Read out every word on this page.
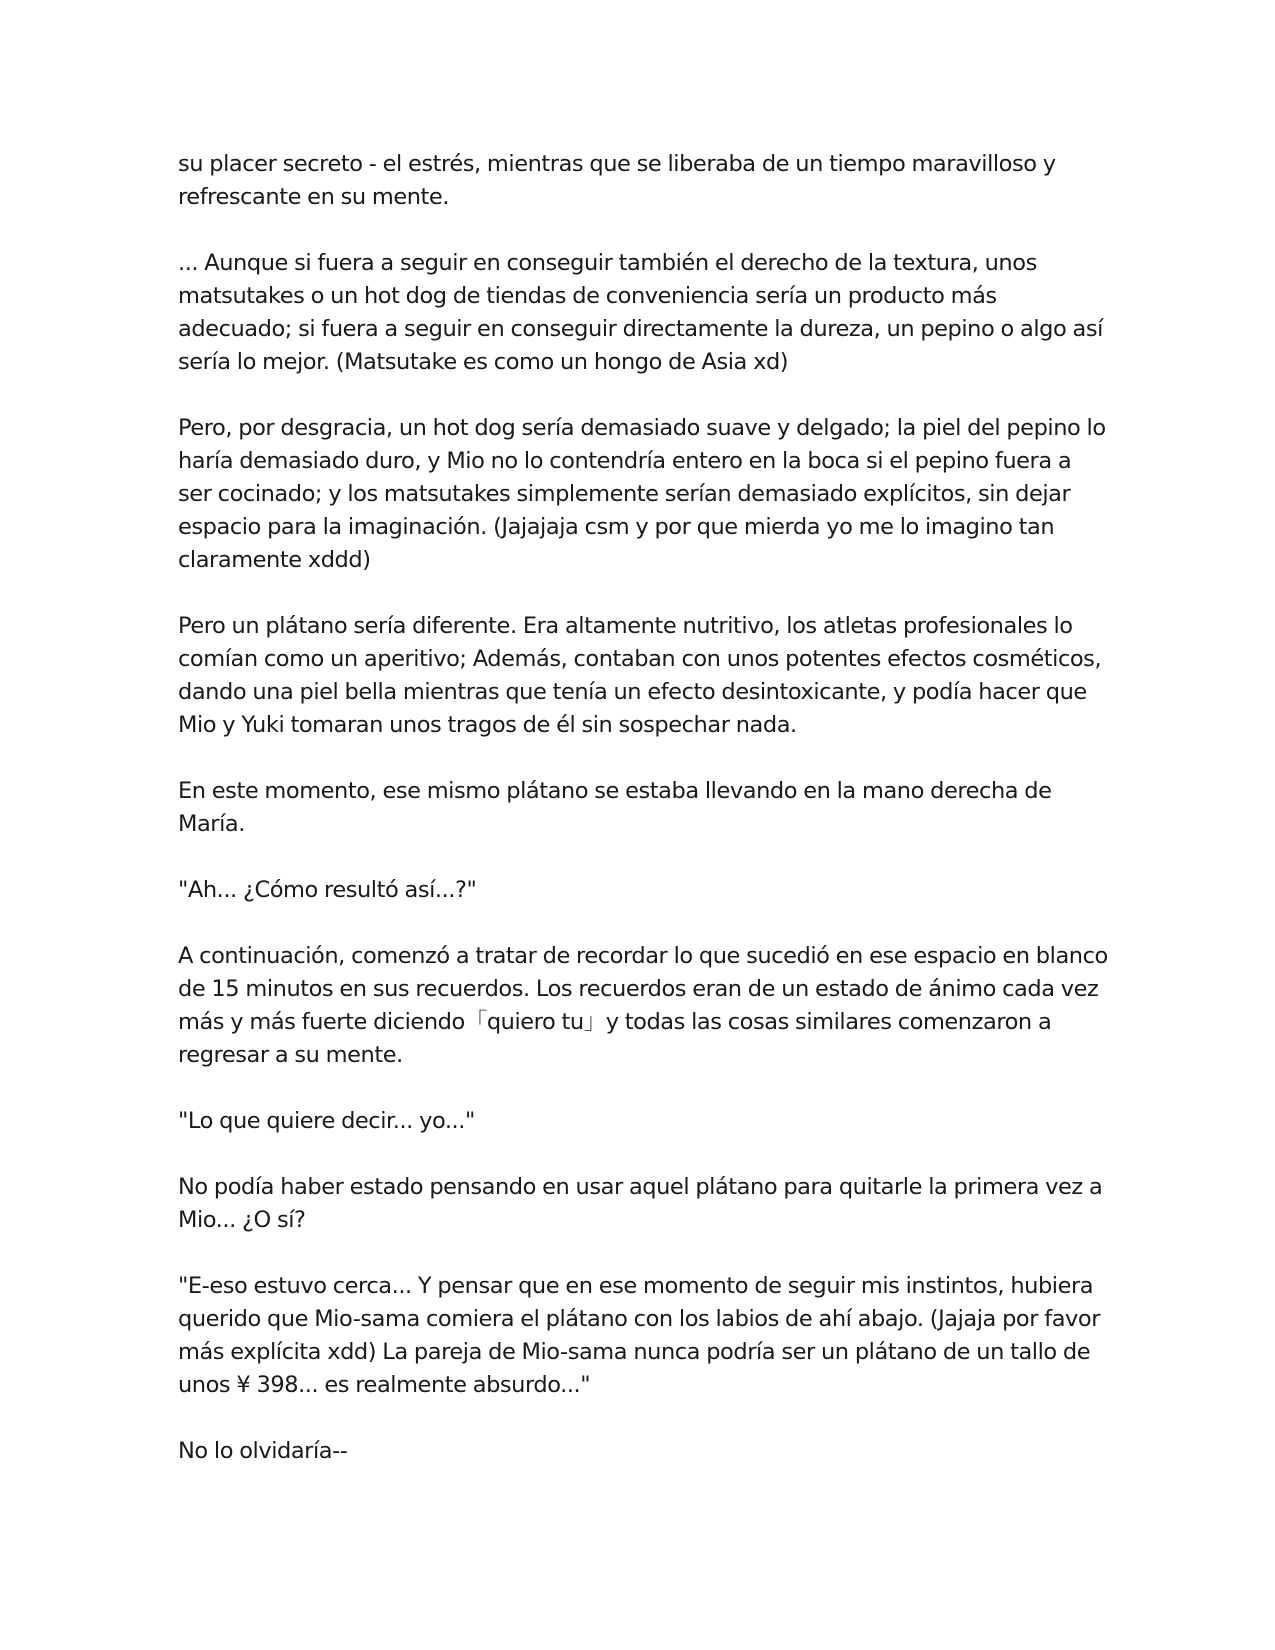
su placer secreto - el estrés, mientras que se liberaba de un tiempo maravilloso y refrescante en su mente.

... Aunque si fuera a seguir en conseguir también el derecho de la textura, unos matsutakes o un hot dog de tiendas de conveniencia sería un producto más adecuado; si fuera a seguir en conseguir directamente la dureza, un pepino o algo así sería lo mejor. (Matsutake es como un hongo de Asia xd)

Pero, por desgracia, un hot dog sería demasiado suave y delgado; la piel del pepino lo haría demasiado duro, y Mio no lo contendría entero en la boca si el pepino fuera a ser cocinado; y los matsutakes simplemente serían demasiado explícitos, sin dejar espacio para la imaginación. (Jajajaja csm y por que mierda yo me lo imagino tan claramente xddd)

Pero un plátano sería diferente. Era altamente nutritivo, los atletas profesionales lo comían como un aperitivo; Además, contaban con unos potentes efectos cosméticos, dando una piel bella mientras que tenía un efecto desintoxicante, y podía hacer que Mio y Yuki tomaran unos tragos de él sin sospechar nada.

En este momento, ese mismo plátano se estaba llevando en la mano derecha de María.

"Ah... ¿Cómo resultó así...?"

A continuación, comenzó a tratar de recordar lo que sucedió en ese espacio en blanco de 15 minutos en sus recuerdos. Los recuerdos eran de un estado de ánimo cada vez más y más fuerte diciendo「quiero tu」y todas las cosas similares comenzaron a regresar a su mente.

"Lo que quiere decir... yo..."

No podía haber estado pensando en usar aquel plátano para quitarle la primera vez a Mio... ¿O sí?

"E-eso estuvo cerca... Y pensar que en ese momento de seguir mis instintos, hubiera querido que Mio-sama comiera el plátano con los labios de ahí abajo. (Jajaja por favor más explícita xdd) La pareja de Mio-sama nunca podría ser un plátano de un tallo de unos ¥ 398... es realmente absurdo..."

No lo olvidaría--
